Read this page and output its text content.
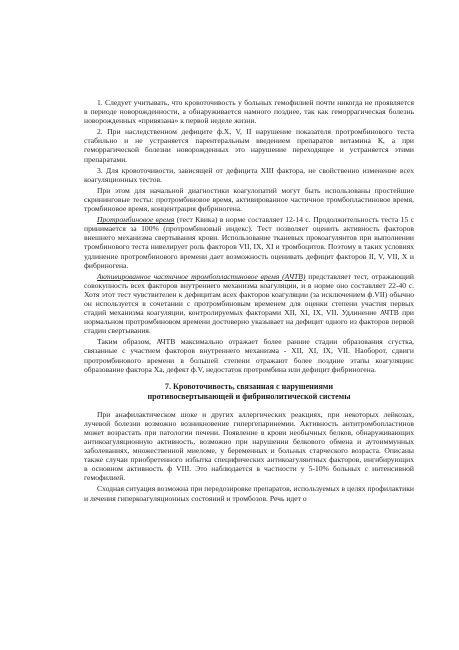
1. Следует учитывать, что кровоточивость у больных гемофилией почти никогда не проявляется в периоде новорожденности, а обнаруживается намного позднее, так как геморрагическая болезнь новорожденных «привязана» к первой неделе жизни.

2. При наследственном дефиците ф.X, V, II нарушение показателя протромбинового теста стабильно и не устраняется парентеральным введением препаратов витамина К, а при геморрагической болезни новорожденных это нарушение переходящее и устраняется этими препаратами.

3. Для кровоточивости, зависящей от дефицита XIII фактора, не свойственно изменение всех коагуляционных тестов.

При этом для начальной диагностики коагулопатий могут быть использованы простейшие скрининговые тесты: протромбиновое время, активированное частичное тромбопластиновое время, тромбиновое время, концентрация фибриногена.

Протромбиновое время (тест Квика) в норме составляет 12-14 с. Продолжительность теста 15 с принимается за 100% (протромбиновый индекс). Тест позволяет оценить активность факторов внешнего механизма свертывания крови. Использование тканевых прокоагулянтов при выполнении тромбинового теста нивелирует роль факторов VII, IX, XI и тромбоцитов. Поэтому в таких условиях удлинение протромбинового времени дает возможность оценивать дефицит факторов II, V, VII, X и фибриногена.

Активированное частичное тромбопластиновое время (АЧТВ) представляет тест, отражающий совокупность всех факторов внутреннего механизма коагуляции, и в норме оно составляет 22-40 с. Хотя этот тест чувствителен к дефицитам всех факторов коагуляции (за исключением ф.VII) обычно он используется в сочетании с протромбиновым временем для оценки степени участия первых стадий механизма коагуляции, контролируемых факторами XII, XI, IX, VII. Удлинение АЧТВ при нормальном протромбиновом времени достоверно указывает на дефицит одного из факторов первой стадии свертывания.

Таким образом, АЧТВ максимально отражает более ранние стадии образования сгустка, связанные с участием факторов внутреннего механизма - XII, XI, IX, VII. Наоборот, сдвиги протромбинового времени в большей степени отражают более поздние этапы коагуляции: образование фактора Xa, дефект ф.V, недостаток протромбина или дефицит фибриногена.

7. Кровоточивость, связанная с нарушениями
противосвертывающей и фибринолитической системы

При анафилактическом шоке и других аллергических реакциях, при некоторых лейкозах, лучевой болезни возможно возникновение гипергепаринемии. Активность антитромбопластинов может возрастать при патологии печени. Появление в крови необычных белков, обнаруживающих антикоагуляционную активность, возможно при нарушении белкового обмена и аутоиммунных заболеваниях, множественной миеломе, у беременных и больных старческого возраста. Описаны также случаи приобретенного избытка специфических антикоагулянтных факторов, ингибирующих в основном активность ф VIII. Это наблюдается в частности у 5-10% больных с интенсивной гемофилией.

Сходная ситуация возможна при передозировке препаратов, используемых в целях профилактики и лечения гиперкоагуляционных состояний и тромбозов. Речь идет о
